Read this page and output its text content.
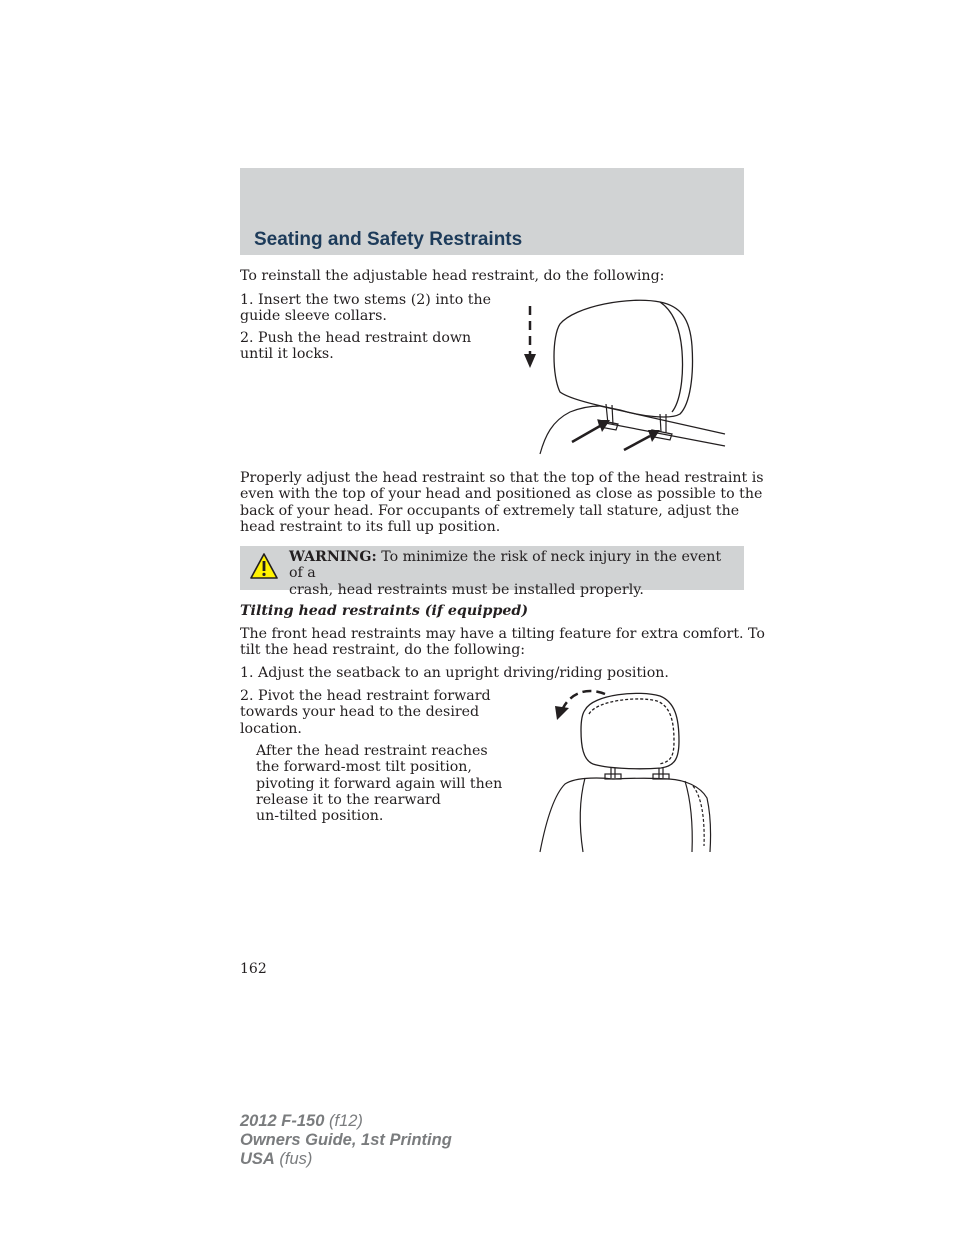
Seating and Safety Restraints

To reinstall the adjustable head restraint, do the following:

1. Insert the two stems (2) into the
guide sleeve collars.

2. Push the head restraint down
until it locks.

Properly adjust the head restraint so that the top of the head restraint is
even with the top of your head and positioned as close as possible to the
back of your head. For occupants of extremely tall stature, adjust the
head restraint to its full up position.

WARNING: To minimize the risk of neck injury in the event of a
crash, head restraints must be installed properly.

Tilting head restraints (if equipped)

The front head restraints may have a tilting feature for extra comfort. To
tilt the head restraint, do the following:

1. Adjust the seatback to an upright driving/riding position.

2. Pivot the head restraint forward
towards your head to the desired
location.

After the head restraint reaches
the forward-most tilt position,
pivoting it forward again will then
release it to the rearward
un-tilted position.

162

2012 F-150 (f12)
Owners Guide, 1st Printing
USA (fus)
